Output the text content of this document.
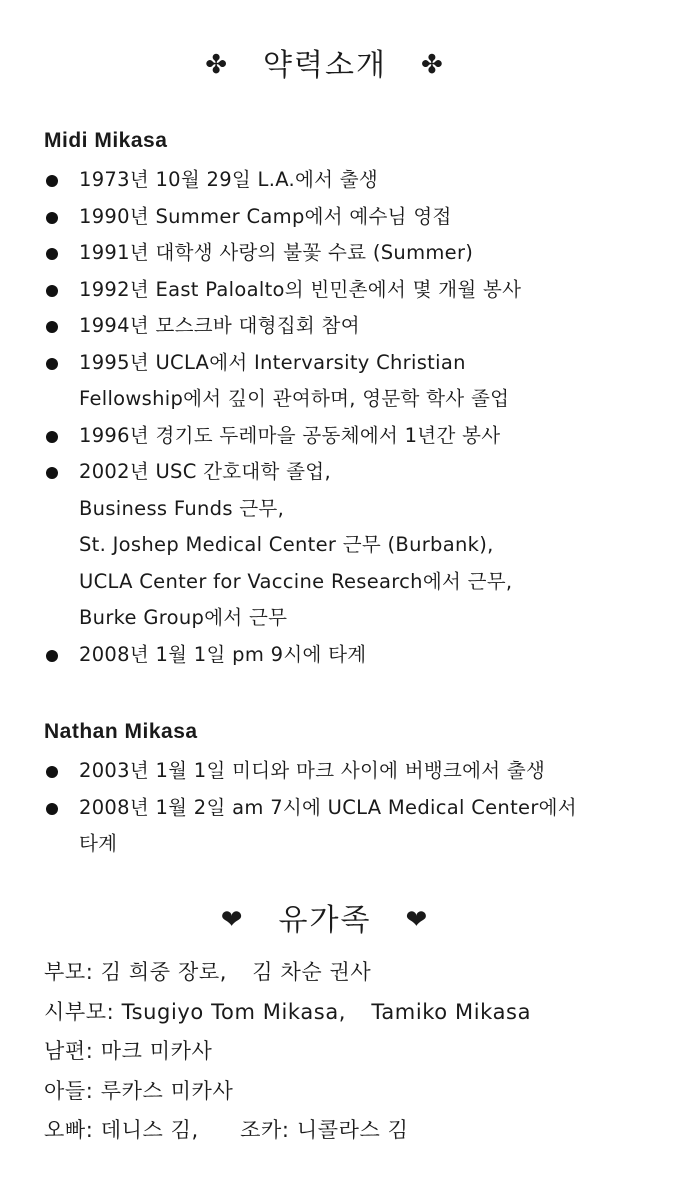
✤ 약력소개 ✤
Midi Mikasa
1973년 10월 29일 L.A.에서 출생
1990년 Summer Camp에서 예수님 영접
1991년 대학생 사랑의 불꽃 수료 (Summer)
1992년 East Paloalto의 빈민촌에서 몇 개월 봉사
1994년 모스크바 대형집회 참여
1995년 UCLA에서 Intervarsity Christian
Fellowship에서 깊이 관여하며, 영문학 학사 졸업
1996년 경기도 두레마을 공동체에서 1년간 봉사
2002년 USC 간호대학 졸업,
Business Funds 근무,
St. Joshep Medical Center 근무 (Burbank),
UCLA Center for Vaccine Research에서 근무,
Burke Group에서 근무
2008년 1월 1일 pm 9시에 타계
Nathan Mikasa
2003년 1월 1일 미디와 마크 사이에 버뱅크에서 출생
2008년 1월 2일 am 7시에 UCLA Medical Center에서
타계
❤ 유가족 ❤
부모: 김 희중 장로, 김 차순 권사
시부모: Tsugiyo Tom Mikasa, Tamiko Mikasa
남편: 마크 미카사
아들: 루카스 미카사
오빠: 데니스 김, 조카: 니콜라스 김
